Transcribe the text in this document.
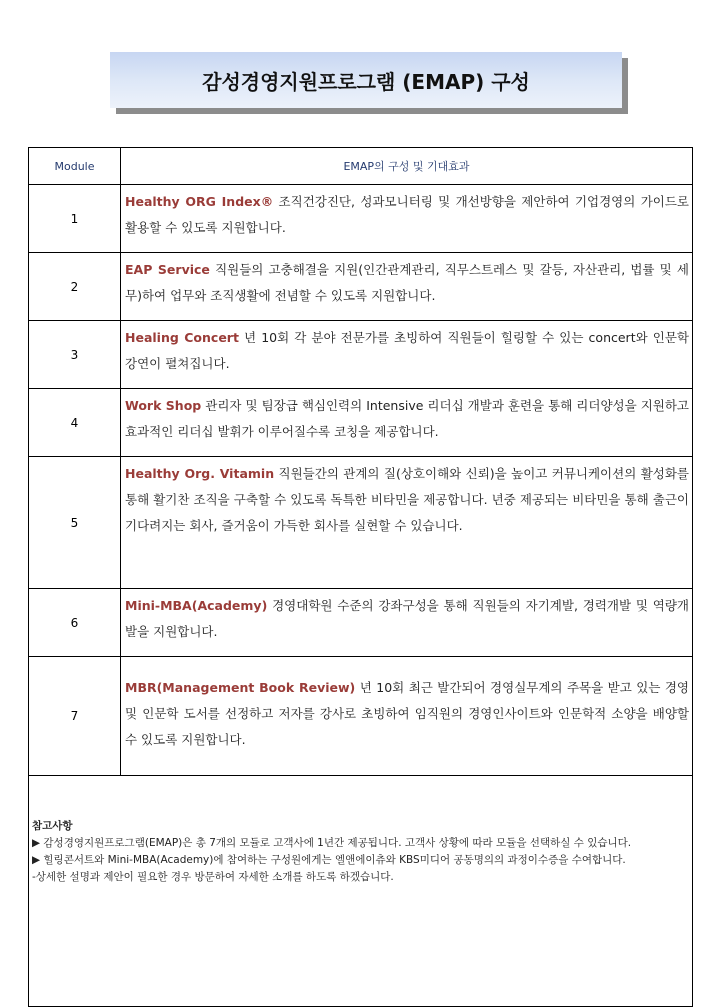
감성경영지원프로그램 (EMAP) 구성
Module	EMAP의 구성 및 기대효과
1	Healthy ORG Index® 조직건강진단, 성과모니터링 및 개선방향을 제안하여 기업경영의 가이드로 활용할 수 있도록 지원합니다.
2	EAP Service 직원들의 고충해결을 지원(인간관계관리, 직무스트레스 및 갈등, 자산관리, 법률 및 세무)하여 업무와 조직생활에 전념할 수 있도록 지원합니다.
3	Healing Concert 년 10회 각 분야 전문가를 초빙하여 직원들이 힐링할 수 있는 concert와 인문학 강연이 펼쳐집니다.
4	Work Shop 관리자 및 팀장급 핵심인력의 Intensive 리더십 개발과 훈련을 통해 리더양성을 지원하고 효과적인 리더십 발휘가 이루어질수록 코칭을 제공합니다.
5	Healthy Org. Vitamin 직원들간의 관계의 질(상호이해와 신뢰)을 높이고 커뮤니케이션의 활성화를 통해 활기찬 조직을 구축할 수 있도록 독특한 비타민을 제공합니다. 년중 제공되는 비타민을 통해 출근이 기다려지는 회사, 즐거움이 가득한 회사를 실현할 수 있습니다.
6	Mini-MBA(Academy) 경영대학원 수준의 강좌구성을 통해 직원들의 자기계발, 경력개발 및 역량개발을 지원합니다.
7	MBR(Management Book Review) 년 10회 최근 발간되어 경영실무계의 주목을 받고 있는 경영 및 인문학 도서를 선정하고 저자를 강사로 초빙하여 임직원의 경영인사이트와 인문학적 소양을 배양할 수 있도록 지원합니다.

참고사항
▶ 감성경영지원프로그램(EMAP)은 총 7개의 모듈로 고객사에 1년간 제공됩니다. 고객사 상황에 따라 모듈을 선택하실 수 있습니다.
▶ 힐링콘서트와 Mini-MBA(Academy)에 참여하는 구성원에게는 엘앤에이츄와 KBS미디어 공동명의의 과정이수증을 수여합니다.
-상세한 설명과 제안이 필요한 경우 방문하여 자세한 소개를 하도록 하겠습니다.	
